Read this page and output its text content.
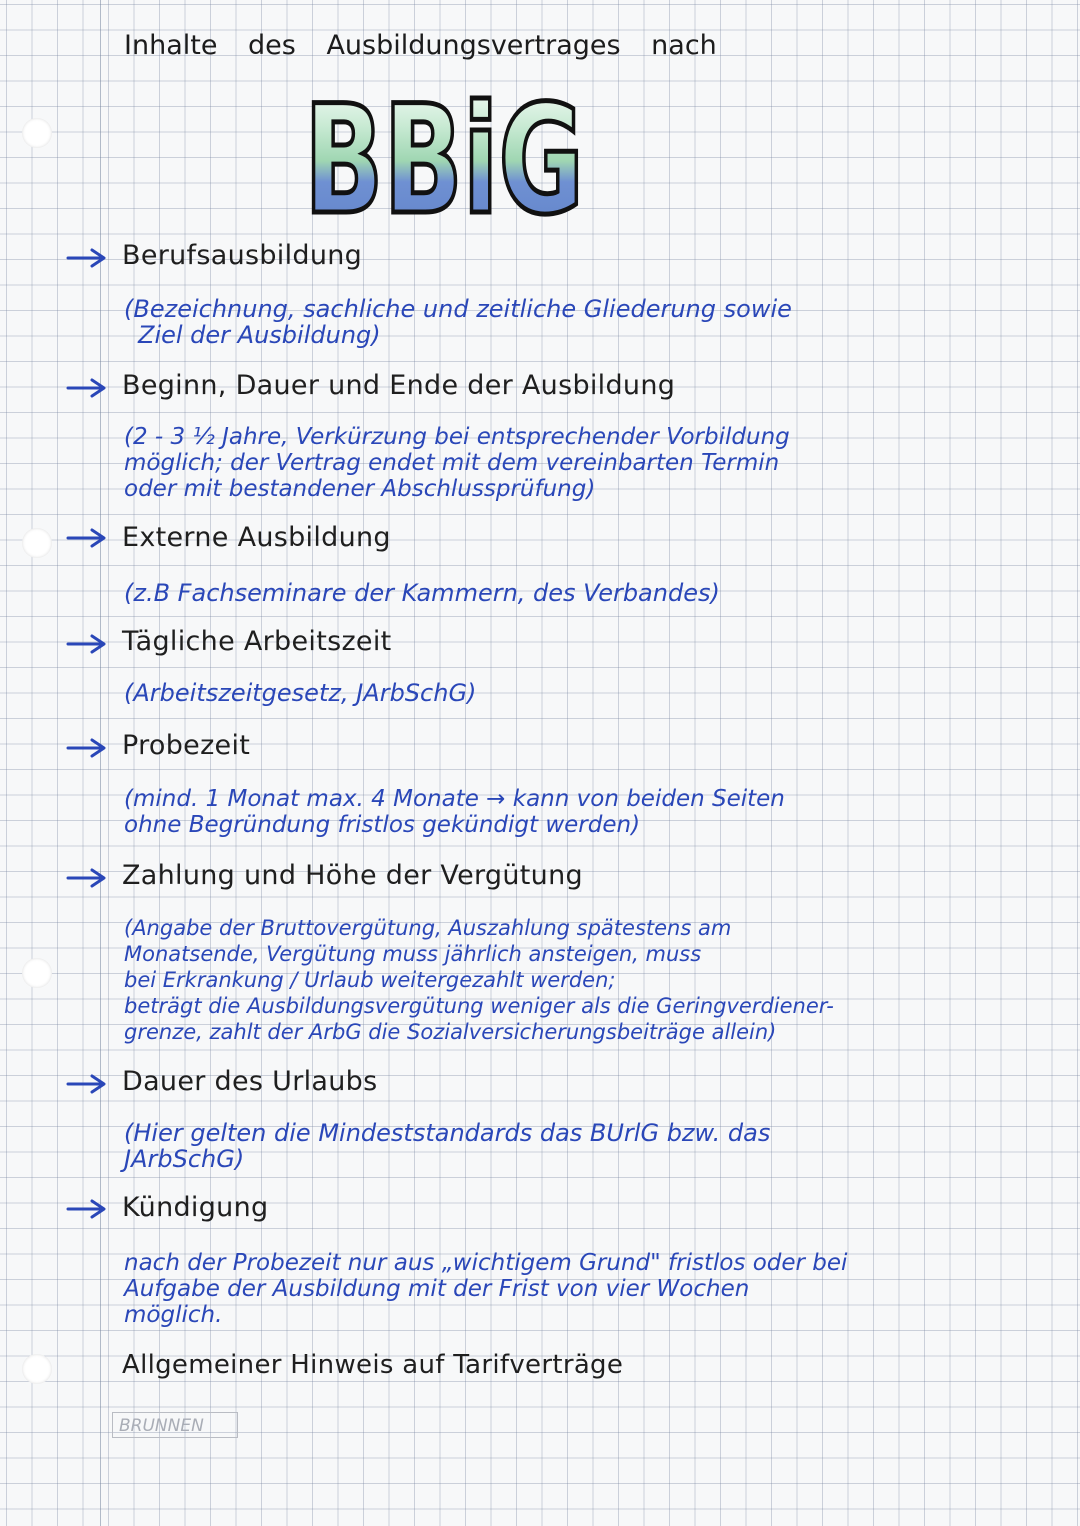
Inhalte des Ausbildungsvertrages nach
BBiG
Berufsausbildung
(Bezeichnung, sachliche und zeitliche Gliederung sowie
Ziel der Ausbildung)
Beginn, Dauer und Ende der Ausbildung
(2 - 3 ½ Jahre, Verkürzung bei entsprechender Vorbildung
möglich; der Vertrag endet mit dem vereinbarten Termin
oder mit bestandener Abschlussprüfung)
Externe Ausbildung
(z.B Fachseminare der Kammern, des Verbandes)
Tägliche Arbeitszeit
(Arbeitszeitgesetz, JArbSchG)
Probezeit
(mind. 1 Monat max. 4 Monate → kann von beiden Seiten
ohne Begründung fristlos gekündigt werden)
Zahlung und Höhe der Vergütung
(Angabe der Bruttovergütung, Auszahlung spätestens am
Monatsende, Vergütung muss jährlich ansteigen, muss
bei Erkrankung / Urlaub weitergezahlt werden;
beträgt die Ausbildungsvergütung weniger als die Geringverdiener-
grenze, zahlt der ArbG die Sozialversicherungsbeiträge allein)
Dauer des Urlaubs
(Hier gelten die Mindeststandards das BUrlG bzw. das
JArbSchG)
Kündigung
nach der Probezeit nur aus „wichtigem Grund" fristlos oder bei
Aufgabe der Ausbildung mit der Frist von vier Wochen
möglich.
Allgemeiner Hinweis auf Tarifverträge
BRUNNEN
